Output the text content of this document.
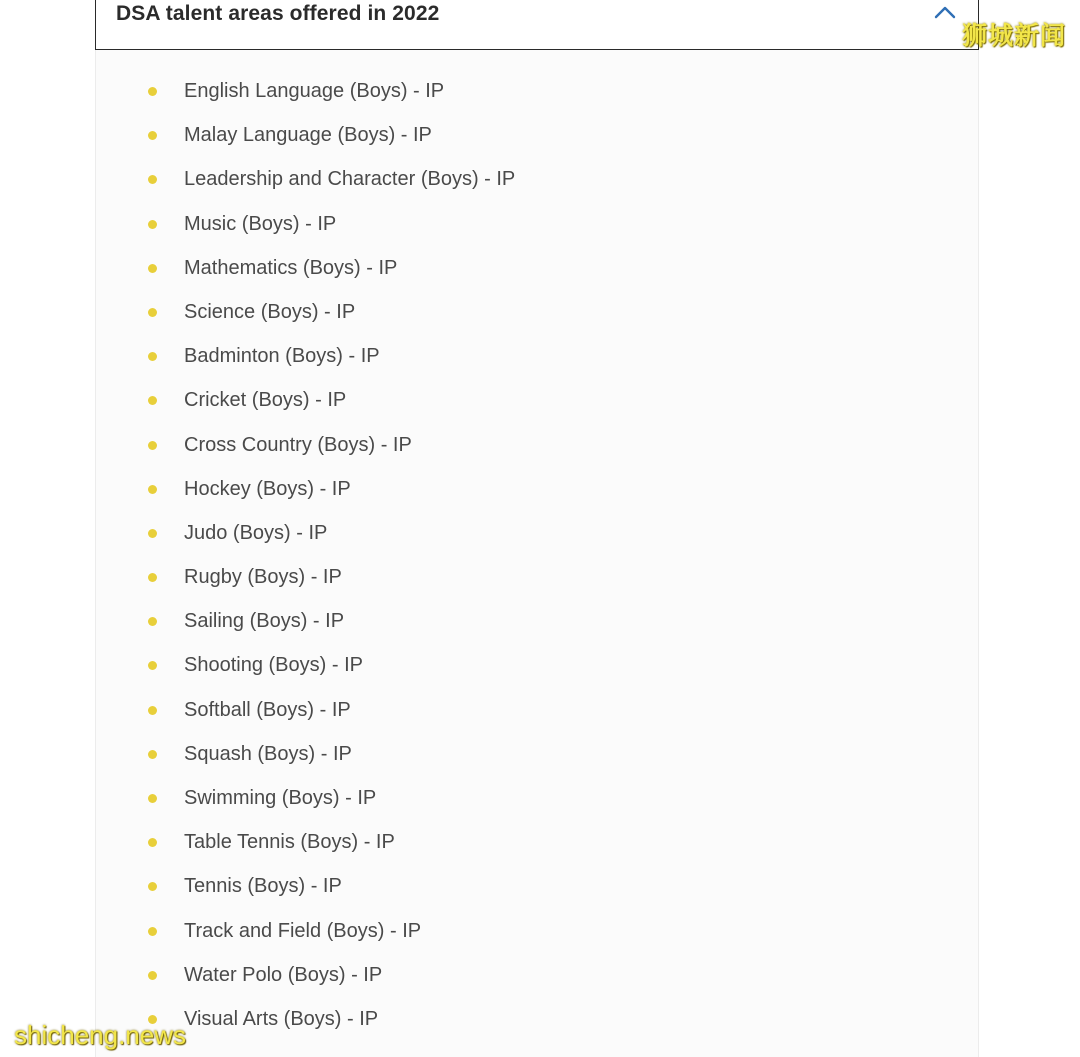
DSA talent areas offered in 2022
English Language (Boys) - IP
Malay Language (Boys) - IP
Leadership and Character (Boys) - IP
Music (Boys) - IP
Mathematics (Boys) - IP
Science (Boys) - IP
Badminton (Boys) - IP
Cricket (Boys) - IP
Cross Country (Boys) - IP
Hockey (Boys) - IP
Judo (Boys) - IP
Rugby (Boys) - IP
Sailing (Boys) - IP
Shooting (Boys) - IP
Softball (Boys) - IP
Squash (Boys) - IP
Swimming (Boys) - IP
Table Tennis (Boys) - IP
Tennis (Boys) - IP
Track and Field (Boys) - IP
Water Polo (Boys) - IP
Visual Arts (Boys) - IP
狮城新闻
shicheng.news
